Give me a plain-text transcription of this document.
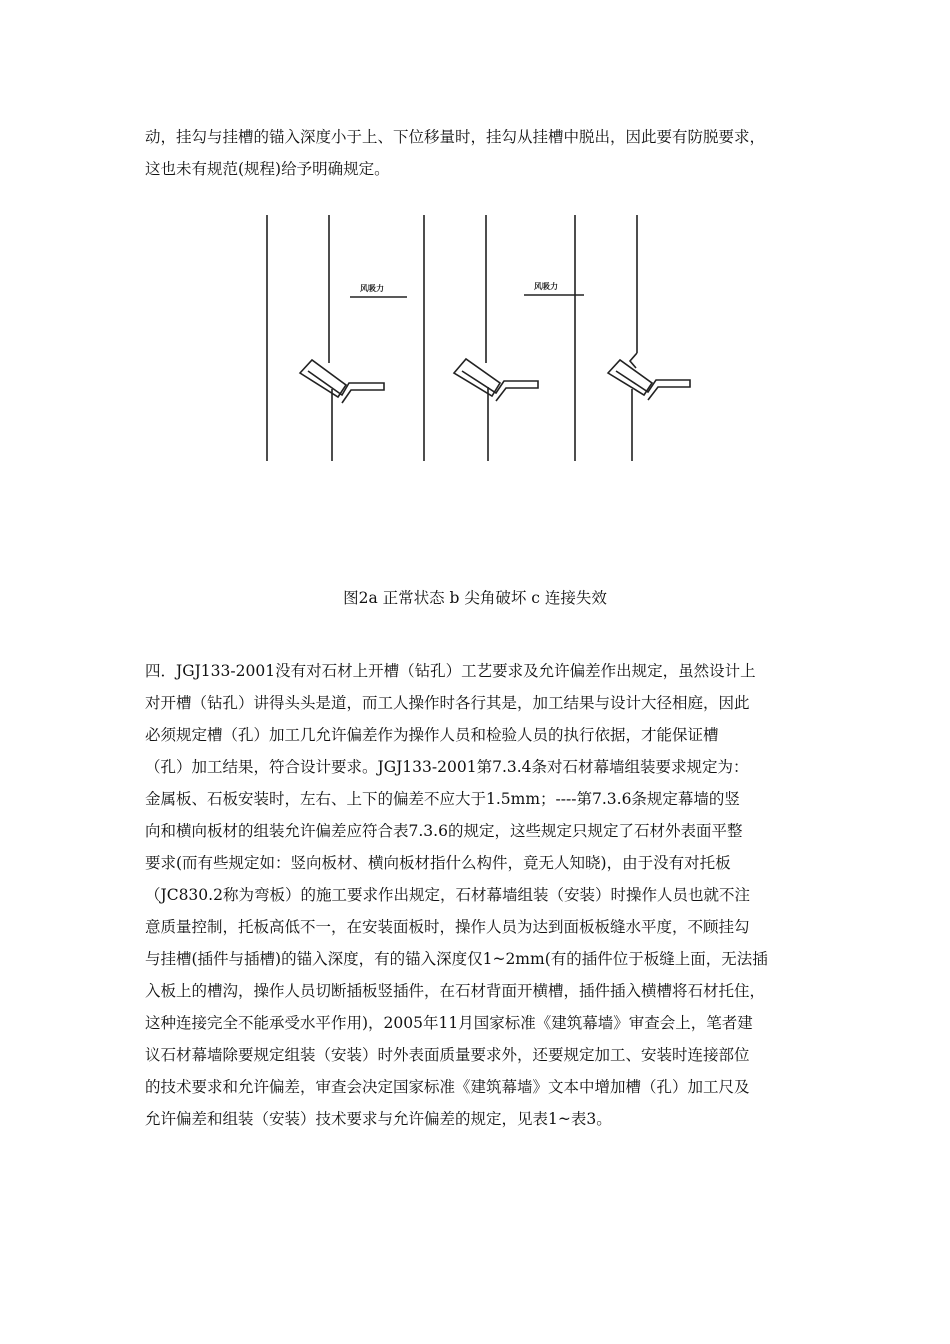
动，挂勾与挂槽的锚入深度小于上、下位移量时，挂勾从挂槽中脱出，因此要有防脱要求，
这也未有规范(规程)给予明确规定。

风吸力	风吸力
图2a 正常状态 b 尖角破坏 c 连接失效

四．JGJ133-2001没有对石材上开槽（钻孔）工艺要求及允许偏差作出规定，虽然设计上
对开槽（钻孔）讲得头头是道，而工人操作时各行其是，加工结果与设计大径相庭，因此
必须规定槽（孔）加工几允许偏差作为操作人员和检验人员的执行依据，才能保证槽
（孔）加工结果，符合设计要求。JGJ133-2001第7.3.4条对石材幕墙组装要求规定为：
金属板、石板安装时，左右、上下的偏差不应大于1.5mm；----第7.3.6条规定幕墙的竖
向和横向板材的组装允许偏差应符合表7.3.6的规定，这些规定只规定了石材外表面平整
要求(而有些规定如：竖向板材、横向板材指什么构件，竟无人知晓)，由于没有对托板
（JC830.2称为弯板）的施工要求作出规定，石材幕墙组装（安装）时操作人员也就不注
意质量控制，托板高低不一，在安装面板时，操作人员为达到面板板缝水平度，不顾挂勾
与挂槽(插件与插槽)的锚入深度，有的锚入深度仅1~2mm(有的插件位于板缝上面，无法插
入板上的槽沟，操作人员切断插板竖插件，在石材背面开横槽，插件插入横槽将石材托住，
这种连接完全不能承受水平作用)，2005年11月国家标准《建筑幕墙》审查会上，笔者建
议石材幕墙除要规定组装（安装）时外表面质量要求外，还要规定加工、安装时连接部位
的技术要求和允许偏差，审查会决定国家标准《建筑幕墙》文本中增加槽（孔）加工尺及
允许偏差和组装（安装）技术要求与允许偏差的规定，见表1~表3。
